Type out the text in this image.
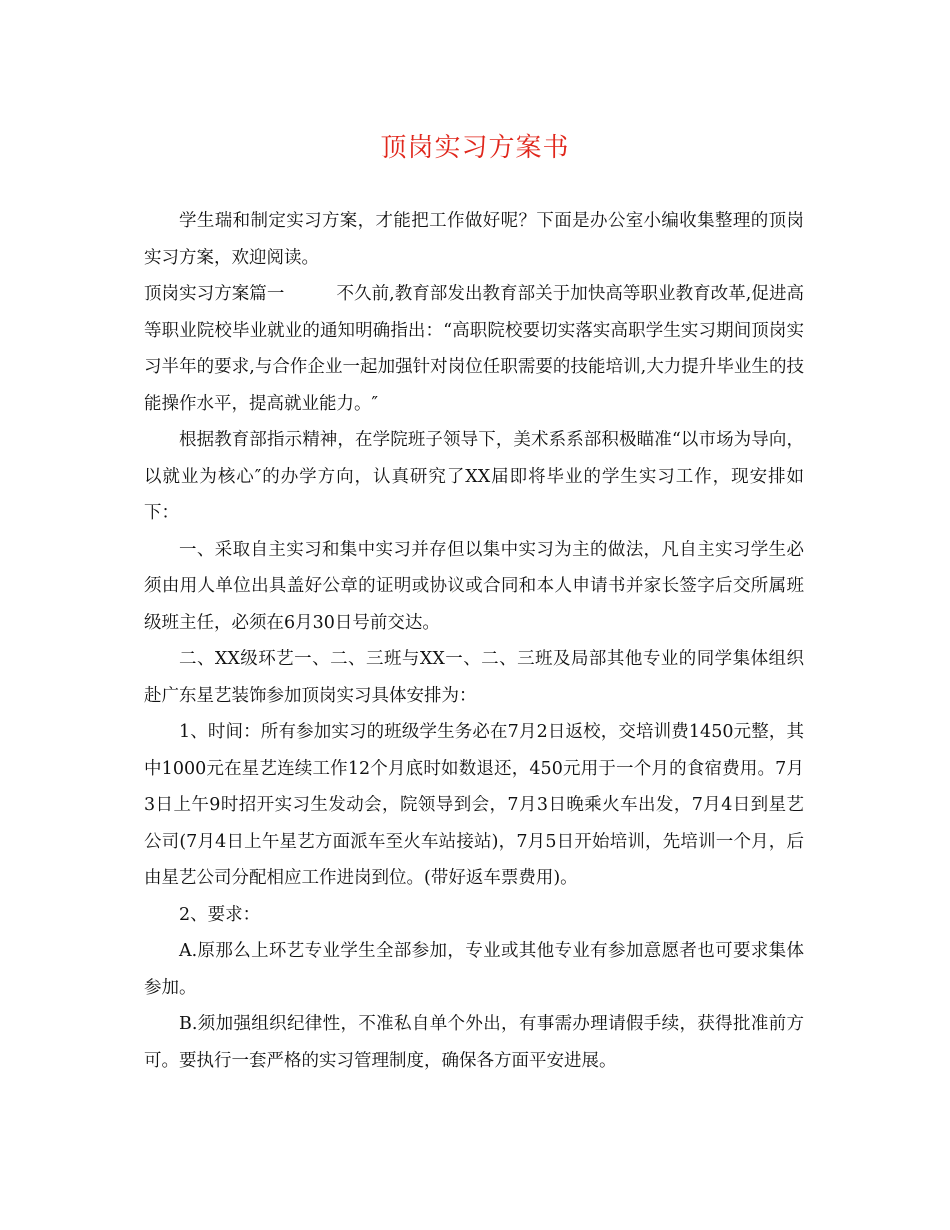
顶岗实习方案书

学生瑞和制定实习方案，才能把工作做好呢？下面是办公室小编收集整理的顶岗实习方案，欢迎阅读。

顶岗实习方案篇一	不久前,教育部发出教育部关于加快高等职业教育改革,促进高等职业院校毕业就业的通知明确指出：“高职院校要切实落实高职学生实习期间顶岗实习半年的要求,与合作企业一起加强针对岗位任职需要的技能培训,大力提升毕业生的技能操作水平，提高就业能力。″

根据教育部指示精神，在学院班子领导下，美术系系部积极瞄准“以市场为导向，以就业为核心″的办学方向，认真研究了XX届即将毕业的学生实习工作，现安排如下：

一、采取自主实习和集中实习并存但以集中实习为主的做法，凡自主实习学生必须由用人单位出具盖好公章的证明或协议或合同和本人申请书并家长签字后交所属班级班主任，必须在6月30日号前交达。

二、XX级环艺一、二、三班与XX一、二、三班及局部其他专业的同学集体组织赴广东星艺装饰参加顶岗实习具体安排为：

1、时间：所有参加实习的班级学生务必在7月2日返校，交培训费1450元整，其中1000元在星艺连续工作12个月底时如数退还，450元用于一个月的食宿费用。7月3日上午9时招开实习生发动会，院领导到会，7月3日晚乘火车出发，7月4日到星艺公司(7月4日上午星艺方面派车至火车站接站)，7月5日开始培训，先培训一个月，后由星艺公司分配相应工作进岗到位。(带好返车票费用)。

2、要求：

A.原那么上环艺专业学生全部参加，专业或其他专业有参加意愿者也可要求集体参加。

B.须加强组织纪律性，不准私自单个外出，有事需办理请假手续，获得批准前方可。要执行一套严格的实习管理制度，确保各方面平安进展。
